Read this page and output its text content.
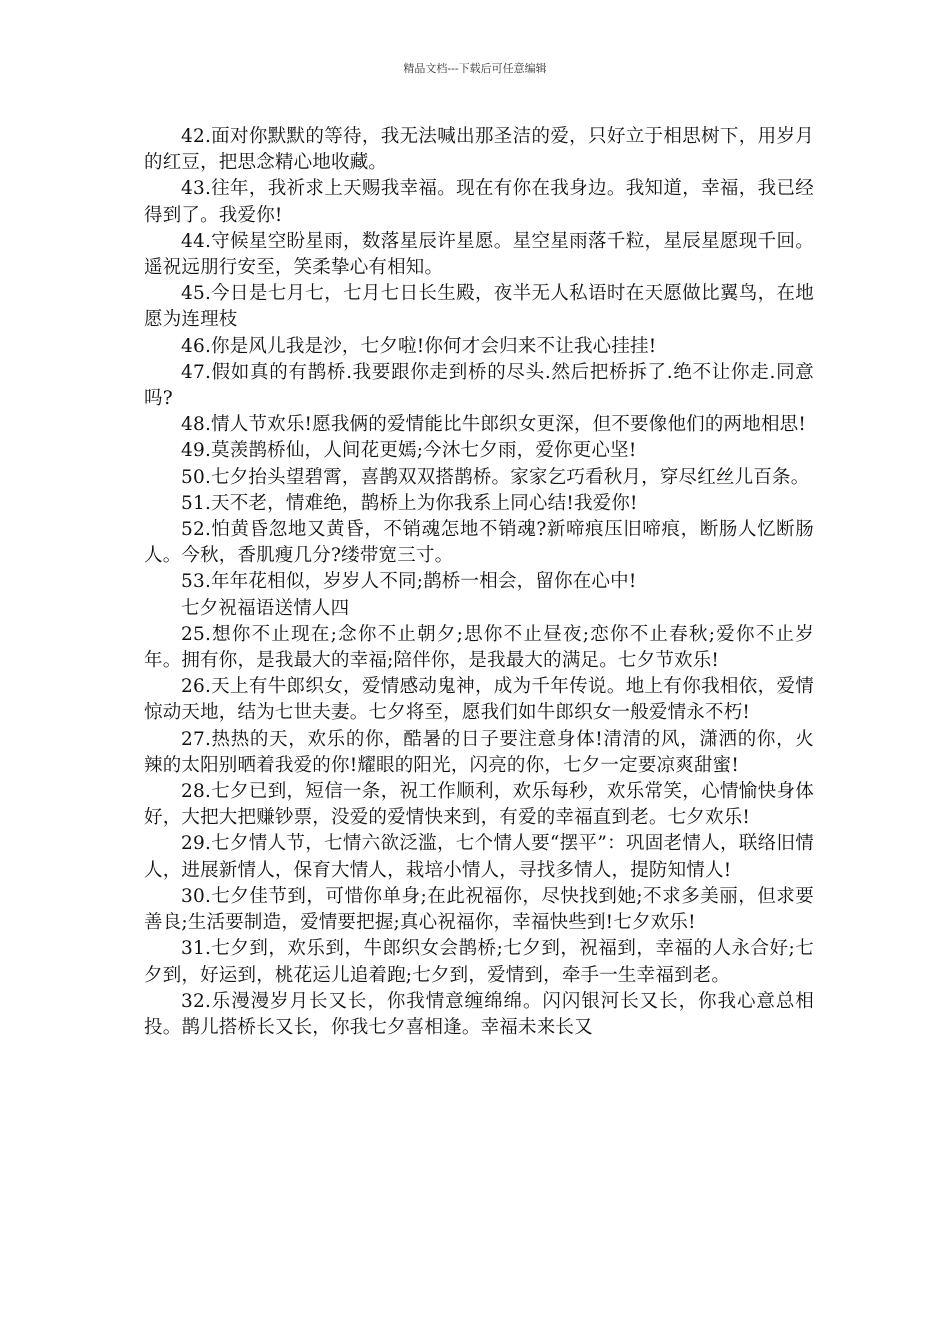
精品文档---下载后可任意编辑

42.面对你默默的等待，我无法喊出那圣洁的爱，只好立于相思树下，用岁月的红豆，把思念精心地收藏。

43.往年，我祈求上天赐我幸福。现在有你在我身边。我知道，幸福，我已经得到了。我爱你!

44.守候星空盼星雨，数落星辰许星愿。星空星雨落千粒，星辰星愿现千回。遥祝远朋行安至，笑柔挚心有相知。

45.今日是七月七，七月七日长生殿，夜半无人私语时在天愿做比翼鸟，在地愿为连理枝

46.你是风儿我是沙，七夕啦!你何才会归来不让我心挂挂!

47.假如真的有鹊桥.我要跟你走到桥的尽头.然后把桥拆了.绝不让你走.同意吗?

48.情人节欢乐!愿我俩的爱情能比牛郎织女更深，但不要像他们的两地相思!

49.莫羡鹊桥仙，人间花更嫣;今沐七夕雨，爱你更心坚!

50.七夕抬头望碧霄，喜鹊双双搭鹊桥。家家乞巧看秋月，穿尽红丝儿百条。

51.天不老，情难绝，鹊桥上为你我系上同心结!我爱你!

52.怕黄昏忽地又黄昏，不销魂怎地不销魂?新啼痕压旧啼痕，断肠人忆断肠人。今秋，香肌瘦几分?缕带宽三寸。

53.年年花相似，岁岁人不同;鹊桥一相会，留你在心中!

七夕祝福语送情人四

25.想你不止现在;念你不止朝夕;思你不止昼夜;恋你不止春秋;爱你不止岁年。拥有你，是我最大的幸福;陪伴你，是我最大的满足。七夕节欢乐!

26.天上有牛郎织女，爱情感动鬼神，成为千年传说。地上有你我相依，爱情惊动天地，结为七世夫妻。七夕将至，愿我们如牛郎织女一般爱情永不朽!

27.热热的天，欢乐的你，酷暑的日子要注意身体!清清的风，潇洒的你，火辣的太阳别晒着我爱的你!耀眼的阳光，闪亮的你，七夕一定要凉爽甜蜜!

28.七夕已到，短信一条，祝工作顺利，欢乐每秒，欢乐常笑，心情愉快身体好，大把大把赚钞票，没爱的爱情快来到，有爱的幸福直到老。七夕欢乐!

29.七夕情人节，七情六欲泛滥，七个情人要“摆平”：巩固老情人，联络旧情人，进展新情人，保育大情人，栽培小情人，寻找多情人，提防知情人!

30.七夕佳节到，可惜你单身;在此祝福你，尽快找到她;不求多美丽，但求要善良;生活要制造，爱情要把握;真心祝福你，幸福快些到!七夕欢乐!

31.七夕到，欢乐到，牛郎织女会鹊桥;七夕到，祝福到，幸福的人永合好;七夕到，好运到，桃花运儿追着跑;七夕到，爱情到，牵手一生幸福到老。

32.乐漫漫岁月长又长，你我情意缠绵绵。闪闪银河长又长，你我心意总相投。鹊儿搭桥长又长，你我七夕喜相逢。幸福未来长又
